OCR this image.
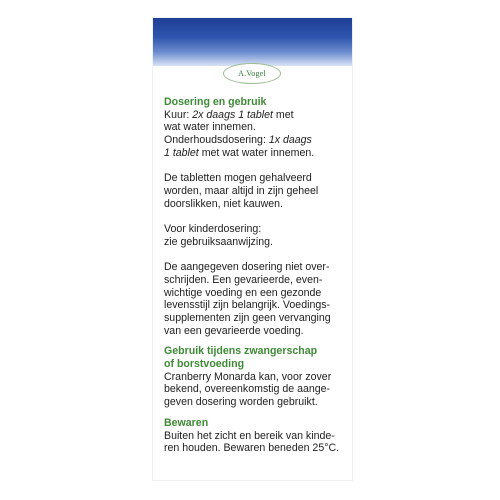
A.Vogel
Dosering en gebruik
Kuur: 2x daags 1 tablet met
wat water innemen.
Onderhoudsdosering: 1x daags
1 tablet met wat water innemen.
De tabletten mogen gehalveerd
worden, maar altijd in zijn geheel
doorslikken, niet kauwen.
Voor kinderdosering:
zie gebruiksaanwijzing.
De aangegeven dosering niet over-
schrijden. Een gevarieerde, even-
wichtige voeding en een gezonde
levensstijl zijn belangrijk. Voedings-
supplementen zijn geen vervanging
van een gevarieerde voeding.
Gebruik tijdens zwangerschap
of borstvoeding
Cranberry Monarda kan, voor zover
bekend, overeenkomstig de aange-
geven dosering worden gebruikt.
Bewaren
Buiten het zicht en bereik van kinde-
ren houden. Bewaren beneden 25°C.
